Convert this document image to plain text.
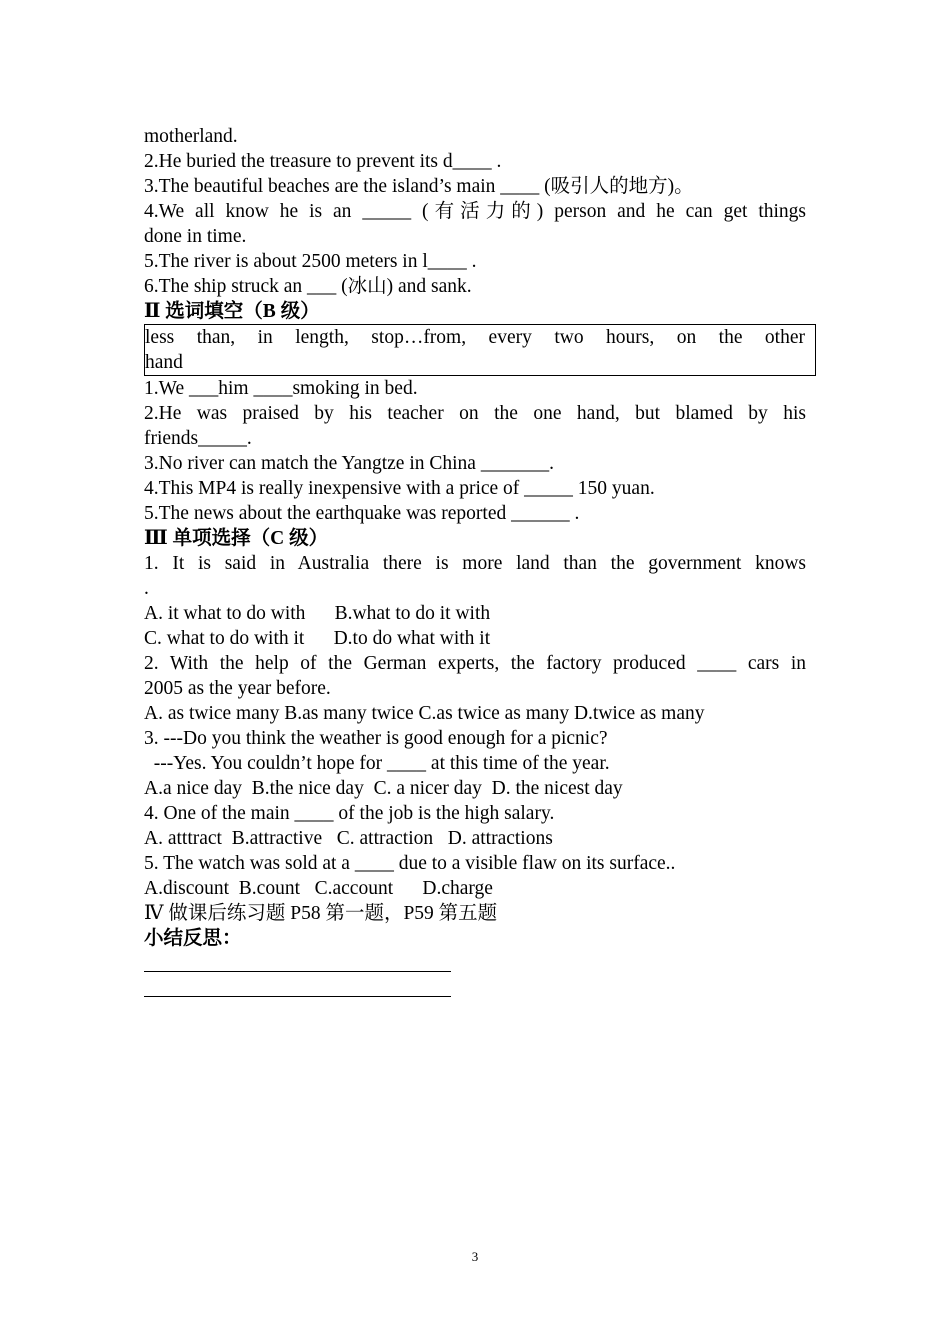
motherland.
2.He buried the treasure to prevent its d____ .
3.The beautiful beaches are the island’s main ____ (吸引人的地方)。
4.We all know he is an _____ (有活力的) person and he can get things
done in time.
5.The river is about 2500 meters in l____ .
6.The ship struck an ___ (冰山) and sank.
Ⅱ 选词填空（B 级）
less than, in length, stop…from, every two hours, on the other
hand
1.We ___him ____smoking in bed.
2.He was praised by his teacher on the one hand, but blamed by his
friends_____.
3.No river can match the Yangtze in China _______.
4.This MP4 is really inexpensive with a price of _____ 150 yuan.
5.The news about the earthquake was reported ______ .
Ⅲ 单项选择（C 级）
1. It is said in Australia there is more land than the government knows
.
A. it what to do with      B.what to do it with
C. what to do with it      D.to do what with it
2. With the help of the German experts, the factory produced ____ cars in
2005 as the year before.
A. as twice many B.as many twice C.as twice as many D.twice as many
3. ---Do you think the weather is good enough for a picnic?
---Yes. You couldn’t hope for ____ at this time of the year.
A.a nice day  B.the nice day  C. a nicer day  D. the nicest day
4. One of the main ____ of the job is the high salary.
A. atttract  B.attractive   C. attraction   D. attractions
5. The watch was sold at a ____ due to a visible flaw on its surface..
A.discount  B.count   C.account      D.charge
Ⅳ 做课后练习题 P58 第一题，P59 第五题
小结反思：
3
